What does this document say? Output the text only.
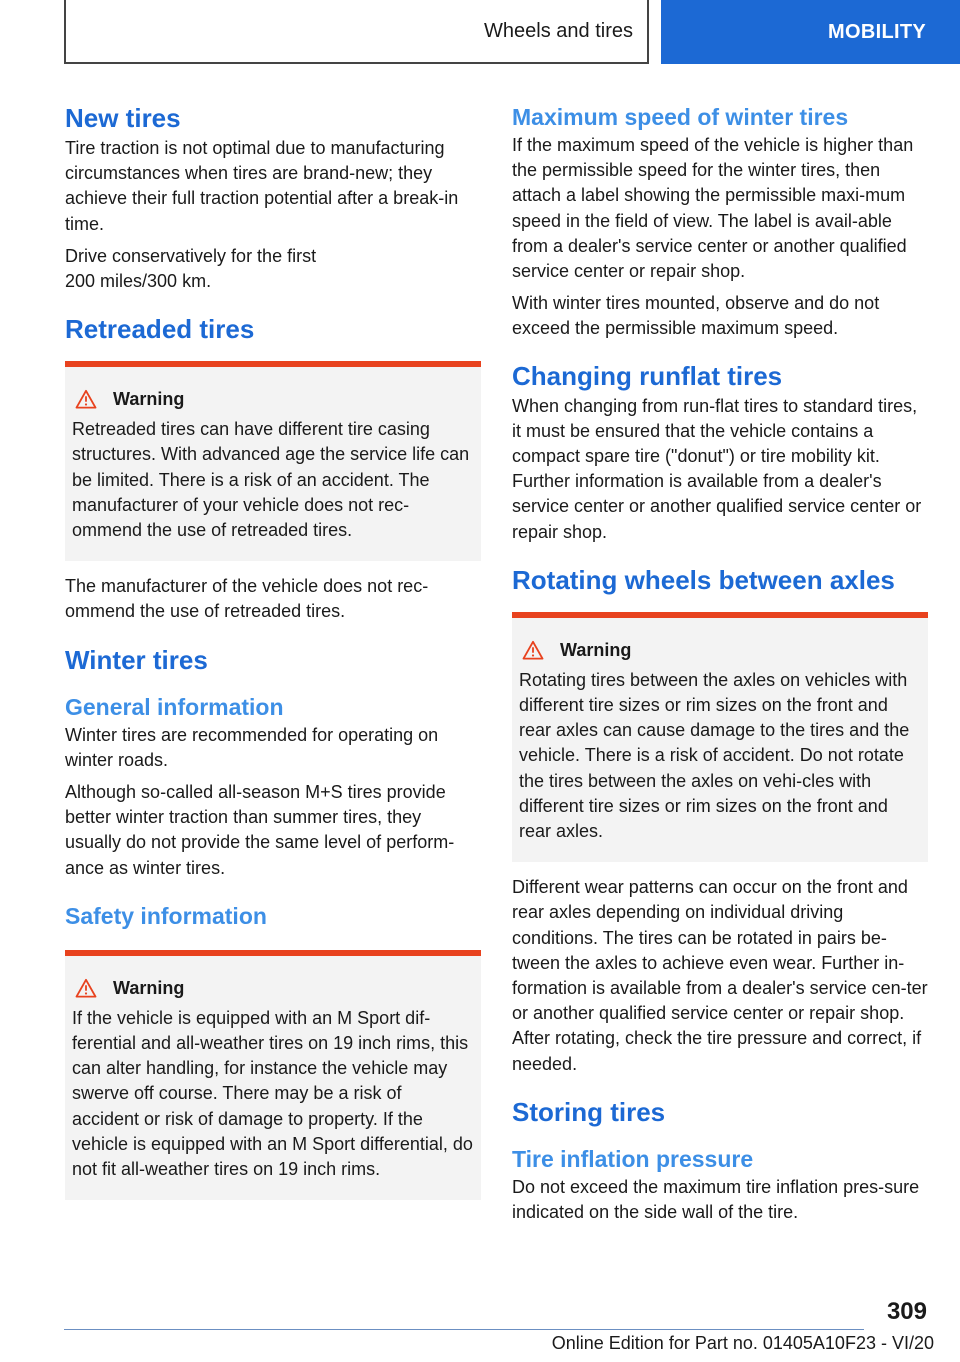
Wheels and tires	MOBILITY
New tires

Tire traction is not optimal due to manufacturing circumstances when tires are brand-new; they achieve their full traction potential after a break-in time.

Drive conservatively for the first
200 miles/300 km.

Retreaded tires
Warning

Retreaded tires can have different tire casing structures. With advanced age the service life can be limited. There is a risk of an accident. The manufacturer of your vehicle does not rec-ommend the use of retreaded tires.

The manufacturer of the vehicle does not rec-ommend the use of retreaded tires.

Winter tires
General information

Winter tires are recommended for operating on winter roads.

Although so-called all-season M+S tires provide better winter traction than summer tires, they usually do not provide the same level of perform-ance as winter tires.

Safety information
Warning

If the vehicle is equipped with an M Sport dif-ferential and all-weather tires on 19 inch rims, this can alter handling, for instance the vehicle may swerve off course. There may be a risk of accident or risk of damage to property. If the vehicle is equipped with an M Sport differential, do not fit all-weather tires on 19 inch rims.

Maximum speed of winter tires

If the maximum speed of the vehicle is higher than the permissible speed for the winter tires, then attach a label showing the permissible maxi-mum speed in the field of view. The label is avail-able from a dealer's service center or another qualified service center or repair shop.

With winter tires mounted, observe and do not exceed the permissible maximum speed.

Changing runflat tires

When changing from run-flat tires to standard tires, it must be ensured that the vehicle contains a compact spare tire ("donut") or tire mobility kit. Further information is available from a dealer's service center or another qualified service center or repair shop.

Rotating wheels between axles
Warning

Rotating tires between the axles on vehicles with different tire sizes or rim sizes on the front and rear axles can cause damage to the tires and the vehicle. There is a risk of accident. Do not rotate the tires between the axles on vehi-cles with different tire sizes or rim sizes on the front and rear axles.

Different wear patterns can occur on the front and rear axles depending on individual driving conditions. The tires can be rotated in pairs be-tween the axles to achieve even wear. Further in-formation is available from a dealer's service cen-ter or another qualified service center or repair shop. After rotating, check the tire pressure and correct, if needed.

Storing tires
Tire inflation pressure

Do not exceed the maximum tire inflation pres-sure indicated on the side wall of the tire.

309
Online Edition for Part no. 01405A10F23 - VI/20
